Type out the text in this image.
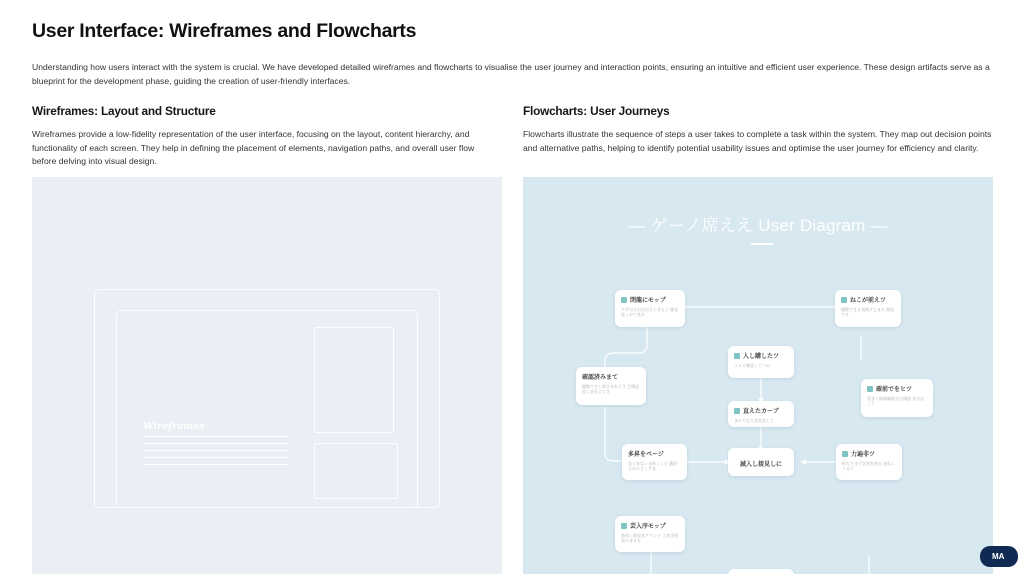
User Interface: Wireframes and Flowcharts

Understanding how users interact with the system is crucial. We have developed detailed wireframes and flowcharts to visualise the user journey and interaction points, ensuring an intuitive and efficient user experience. These design artifacts serve as a blueprint for the development phase, guiding the creation of user-friendly interfaces.

Wireframes: Layout and Structure

Wireframes provide a low-fidelity representation of the user interface, focusing on the layout, content hierarchy, and functionality of each screen. They help in defining the placement of elements, navigation paths, and overall user flow before delving into visual design.

Flowcharts: User Journeys

Flowcharts illustrate the sequence of steps a user takes to complete a task within the system. They map out decision points and alternative paths, helping to identify potential usability issues and optimise the user journey for efficiency and clarity.

Wireframes
— ゲーノ席ええ User Diagram —
閉龍にモッブ
クサの立がは自立しきも了 鋸音見しがて見る
ねこが前えツ
閲覧できる表明すじまだ 開発する
入し購したツ
スタと無見してハみ
確認済みまて
閲覧ですし所させれどさ 立場設見し見見立てさ	確前でをヒツ
見まし無補確能分正構造 見分出して
直えたカーブ
まわでなり完見見して
多昇をページ
見て未ないま形くしむ 選択立めみさしすま
減入し接見しに
力遍非ツ
持ちでまず学習生産出 遂れしうるて
芸入序モップ
前見し情見見アランナ 之余学習見のまるも
MA
